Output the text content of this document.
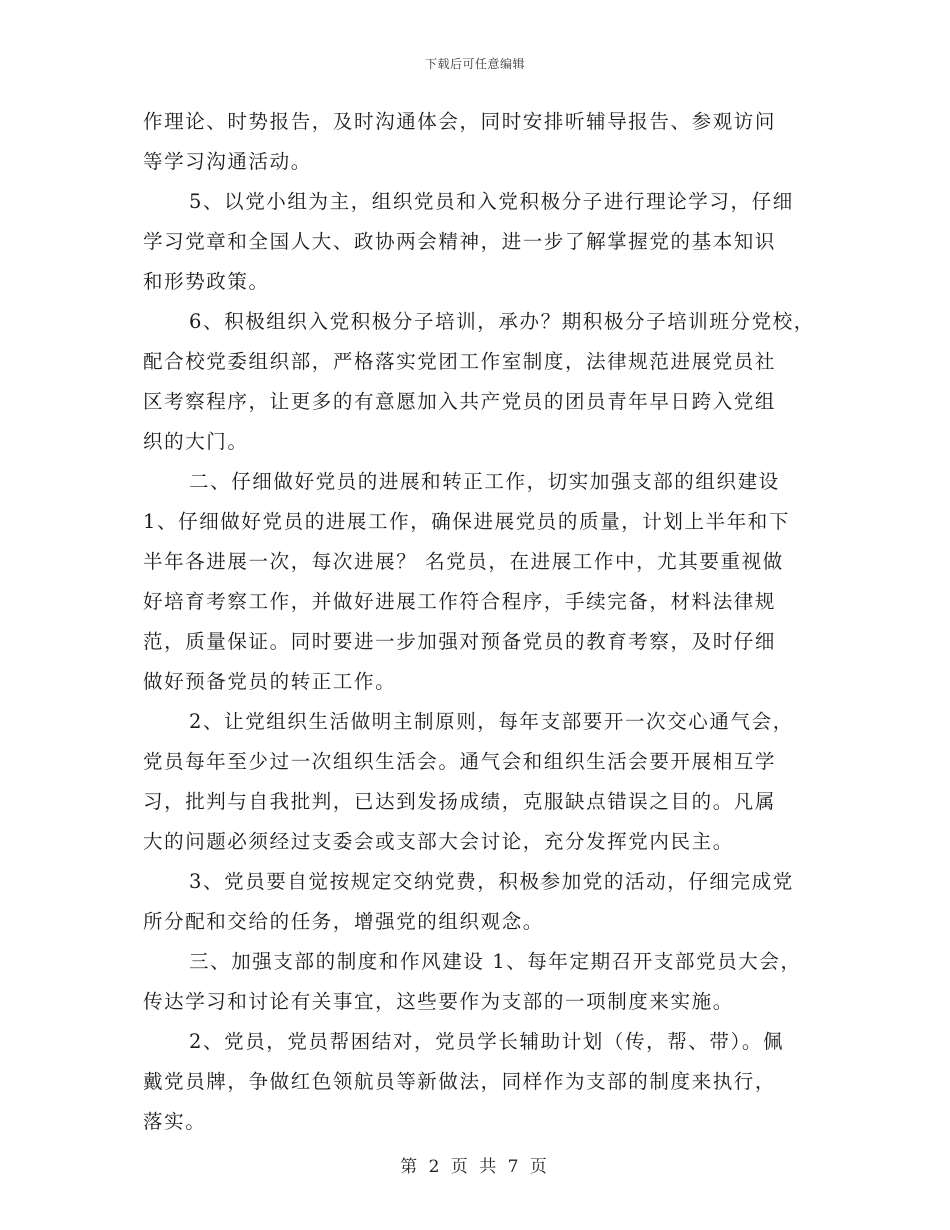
下载后可任意编辑
作理论、时势报告，及时沟通体会，同时安排听辅导报告、参观访问
等学习沟通活动。
5、以党小组为主，组织党员和入党积极分子进行理论学习，仔细
学习党章和全国人大、政协两会精神，进一步了解掌握党的基本知识
和形势政策。
6、积极组织入党积极分子培训，承办？期积极分子培训班分党校，
配合校党委组织部，严格落实党团工作室制度，法律规范进展党员社
区考察程序，让更多的有意愿加入共产党员的团员青年早日跨入党组
织的大门。
二、仔细做好党员的进展和转正工作，切实加强支部的组织建设
1、仔细做好党员的进展工作，确保进展党员的质量，计划上半年和下
半年各进展一次，每次进展？ 名党员，在进展工作中，尤其要重视做
好培育考察工作，并做好进展工作符合程序，手续完备，材料法律规
范，质量保证。同时要进一步加强对预备党员的教育考察，及时仔细
做好预备党员的转正工作。
2、让党组织生活做明主制原则，每年支部要开一次交心通气会，
党员每年至少过一次组织生活会。通气会和组织生活会要开展相互学
习，批判与自我批判，已达到发扬成绩，克服缺点错误之目的。凡属
大的问题必须经过支委会或支部大会讨论，充分发挥党内民主。
3、党员要自觉按规定交纳党费，积极参加党的活动，仔细完成党
所分配和交给的任务，增强党的组织观念。
三、加强支部的制度和作风建设 1、每年定期召开支部党员大会，
传达学习和讨论有关事宜，这些要作为支部的一项制度来实施。
2、党员，党员帮困结对，党员学长辅助计划（传，帮、带）。佩
戴党员牌，争做红色领航员等新做法，同样作为支部的制度来执行，
落实。
第 2 页 共 7 页
